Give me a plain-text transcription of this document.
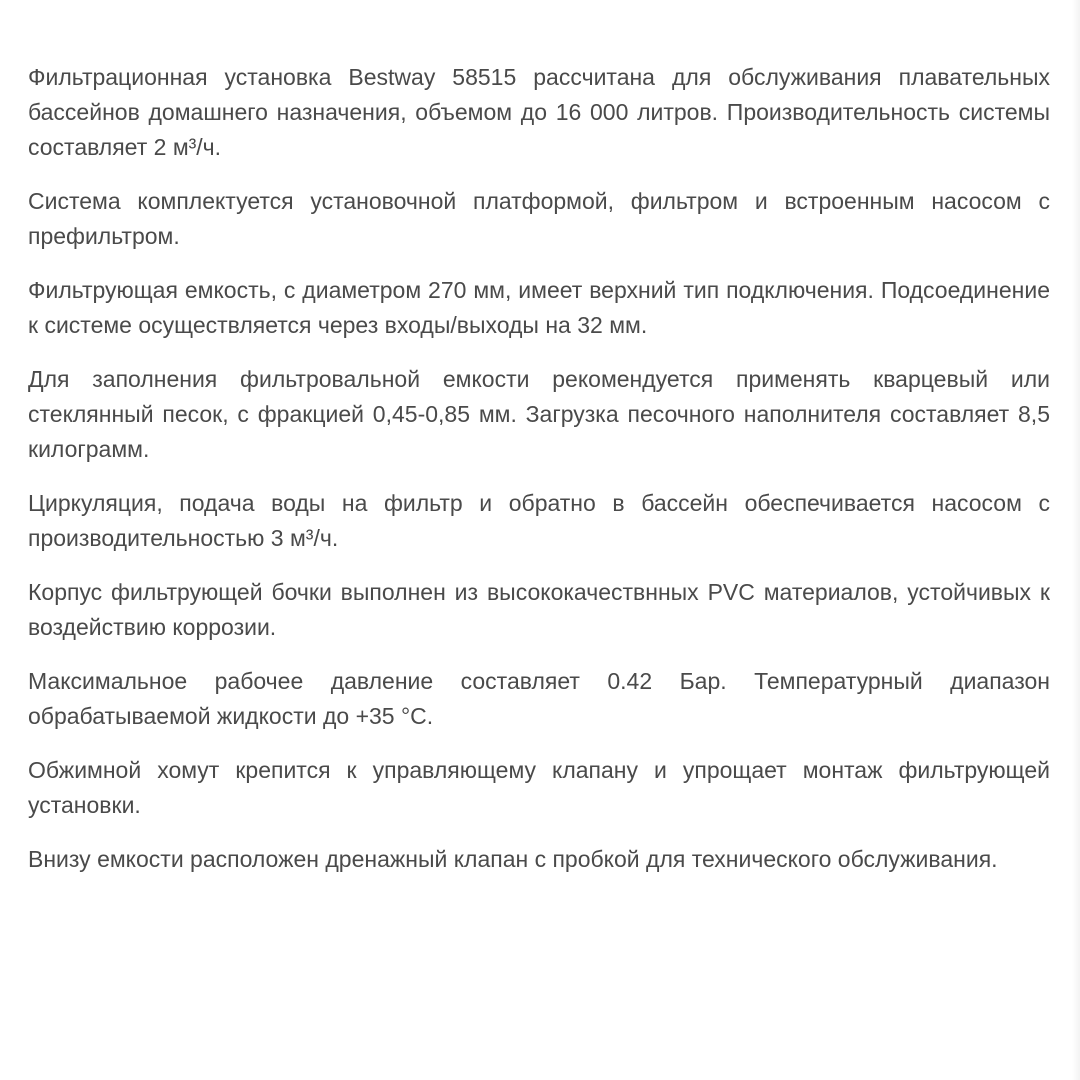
Фильтрационная установка Bestway 58515 рассчитана для обслуживания плавательных бассейнов домашнего назначения, объемом до 16 000 литров. Производительность системы составляет 2 м³/ч.

Система комплектуется установочной платформой, фильтром и встроенным насосом с префильтром.

Фильтрующая емкость, с диаметром 270 мм, имеет верхний тип подключения. Подсоединение к системе осуществляется через входы/выходы на 32 мм.

Для заполнения фильтровальной емкости рекомендуется применять кварцевый или стеклянный песок, с фракцией 0,45-0,85 мм. Загрузка песочного наполнителя составляет 8,5 килограмм.

Циркуляция, подача воды на фильтр и обратно в бассейн обеспечивается насосом с производительностью 3 м³/ч.

Корпус фильтрующей бочки выполнен из высококачествнных PVC материалов, устойчивых к воздействию коррозии.

Максимальное рабочее давление составляет 0.42 Бар. Температурный диапазон обрабатываемой жидкости до +35 °С.

Обжимной хомут крепится к управляющему клапану и упрощает монтаж фильтрующей установки.

Внизу емкости расположен дренажный клапан с пробкой для технического обслуживания.
